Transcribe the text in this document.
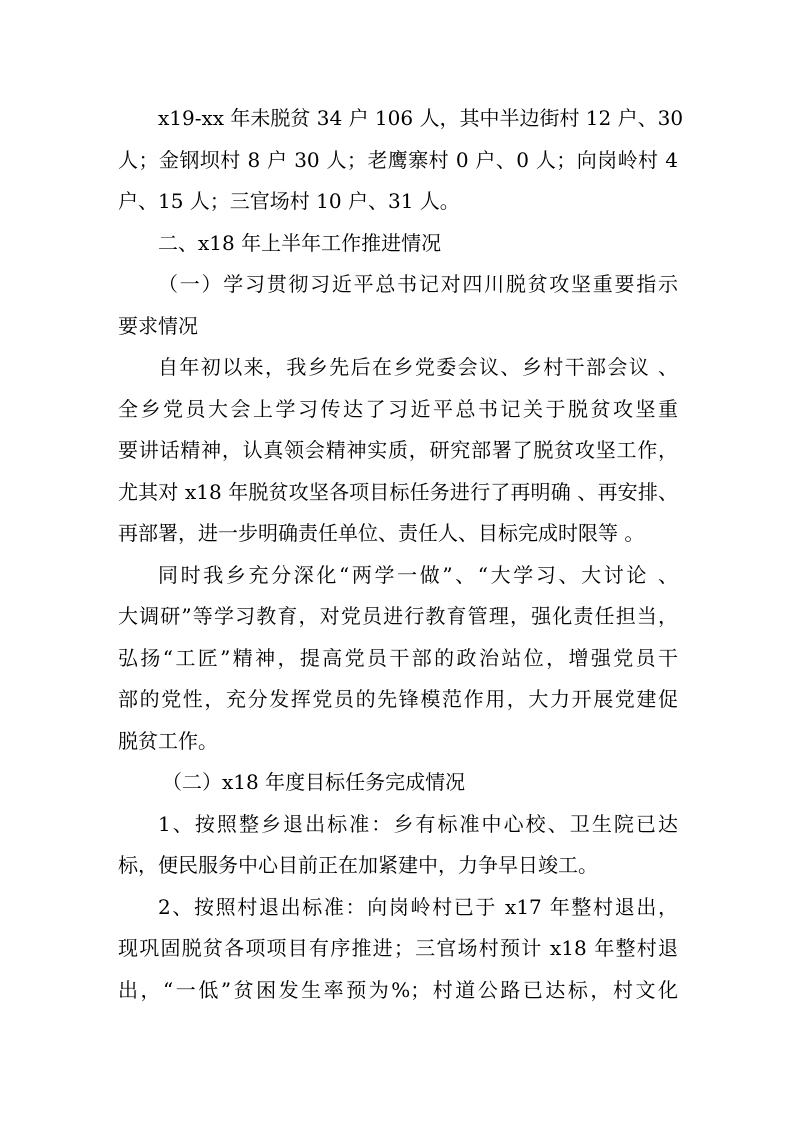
x19-xx 年未脱贫 34 户 106 人，其中半边街村 12 户、30
人；金钢坝村 8 户 30 人；老鹰寨村 0 户、0 人；向岗岭村 4
户、15 人；三官场村 10 户、31 人。
二、x18 年上半年工作推进情况
（一）学习贯彻习近平总书记对四川脱贫攻坚重要指示
要求情况
自年初以来，我乡先后在乡党委会议、乡村干部会议 、
全乡党员大会上学习传达了习近平总书记关于脱贫攻坚重
要讲话精神，认真领会精神实质，研究部署了脱贫攻坚工作，
尤其对 x18 年脱贫攻坚各项目标任务进行了再明确 、再安排、
再部署，进一步明确责任单位、责任人、目标完成时限等 。
同时我乡充分深化“两学一做”、“大学习、大讨论 、
大调研”等学习教育，对党员进行教育管理，强化责任担当，
弘扬“工匠”精神，提高党员干部的政治站位，增强党员干
部的党性，充分发挥党员的先锋模范作用，大力开展党建促
脱贫工作。
（二）x18 年度目标任务完成情况
1、按照整乡退出标准：乡有标准中心校、卫生院已达
标，便民服务中心目前正在加紧建中，力争早日竣工。
2、按照村退出标准：向岗岭村已于 x17 年整村退出，
现巩固脱贫各项项目有序推进；三官场村预计 x18 年整村退
出，“一低”贫困发生率预为%；村道公路已达标，村文化
